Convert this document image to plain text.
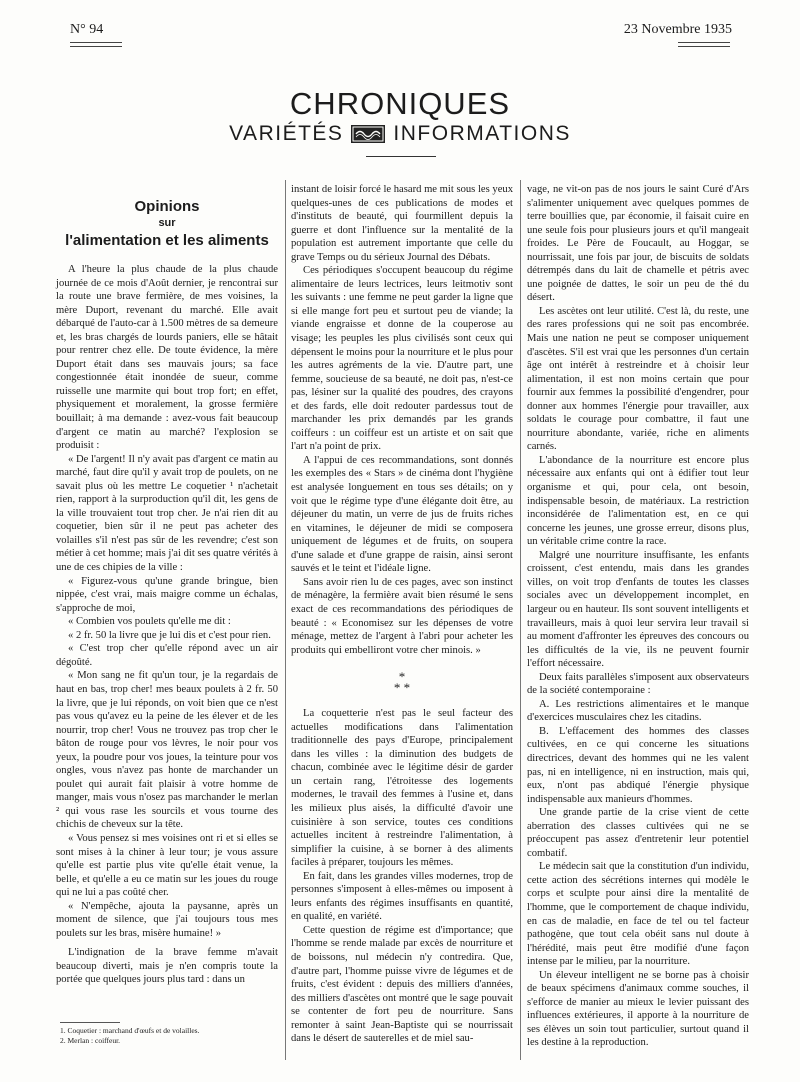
N° 94	23 Novembre 1935
CHRONIQUES
VARIÉTÉS INFORMATIONS
Opinions
sur
l'alimentation et les aliments

A l'heure la plus chaude de la plus chaude journée de ce mois d'Août dernier, je rencontrai sur la route une brave fermière, de mes voisines, la mère Duport, revenant du marché. Elle avait débarqué de l'auto-car à 1.500 mètres de sa demeure et, les bras chargés de lourds paniers, elle se hâtait pour rentrer chez elle. De toute évidence, la mère Duport était dans ses mauvais jours; sa face congestionnée était inondée de sueur, comme ruisselle une marmite qui bout trop fort; en effet, physiquement et moralement, la grosse fermière bouillait; à ma demande : avez-vous fait beaucoup d'argent ce matin au marché? l'explosion se produisit :

« De l'argent! Il n'y avait pas d'argent ce matin au marché, faut dire qu'il y avait trop de poulets, on ne savait plus où les mettre Le coquetier ¹ n'achetait rien, rapport à la surproduction qu'il dit, les gens de la ville trouvaient tout trop cher. Je n'ai rien dit au coquetier, bien sûr il ne peut pas acheter des volailles s'il n'est pas sûr de les revendre; c'est son métier à cet homme; mais j'ai dit ses quatre vérités à une de ces chipies de la ville :

« Figurez-vous qu'une grande bringue, bien nippée, c'est vrai, mais maigre comme un échalas, s'approche de moi,

« Combien vos poulets qu'elle me dit :

« 2 fr. 50 la livre que je lui dis et c'est pour rien.

« C'est trop cher qu'elle répond avec un air dégoûté.

« Mon sang ne fit qu'un tour, je la regardais de haut en bas, trop cher! mes beaux poulets à 2 fr. 50 la livre, que je lui réponds, on voit bien que ce n'est pas vous qu'avez eu la peine de les élever et de les nourrir, trop cher! Vous ne trouvez pas trop cher le bâton de rouge pour vos lèvres, le noir pour vos yeux, la poudre pour vos joues, la teinture pour vos ongles, vous n'avez pas honte de marchander un poulet qui aurait fait plaisir à votre homme de manger, mais vous n'osez pas marchander le merlan ² qui vous rase les sourcils et vous tourne des chichis de cheveux sur la tête.

« Vous pensez si mes voisines ont ri et si elles se sont mises à la chiner à leur tour; je vous assure qu'elle est partie plus vite qu'elle était venue, la belle, et qu'elle a eu ce matin sur les joues du rouge qui ne lui a pas coûté cher.

« N'empêche, ajouta la paysanne, après un moment de silence, que j'ai toujours tous mes poulets sur les bras, misère humaine! »

L'indignation de la brave femme m'avait beaucoup diverti, mais je n'en compris toute la portée que quelques jours plus tard : dans un

instant de loisir forcé le hasard me mit sous les yeux quelques-unes de ces publications de modes et d'instituts de beauté, qui fourmillent depuis la guerre et dont l'influence sur la mentalité de la population est autrement importante que celle du grave Temps ou du sérieux Journal des Débats.

Ces périodiques s'occupent beaucoup du régime alimentaire de leurs lectrices, leurs leitmotiv sont les suivants : une femme ne peut garder la ligne que si elle mange fort peu et surtout peu de viande; la viande engraisse et donne de la couperose au visage; les peuples les plus civilisés sont ceux qui dépensent le moins pour la nourriture et le plus pour les autres agréments de la vie. D'autre part, une femme, soucieuse de sa beauté, ne doit pas, n'est-ce pas, lésiner sur la qualité des poudres, des crayons et des fards, elle doit redouter pardessus tout de marchander les prix demandés par les grands coiffeurs : un coiffeur est un artiste et on sait que l'art n'a point de prix.

A l'appui de ces recommandations, sont donnés les exemples des « Stars » de cinéma dont l'hygiène est analysée longuement en tous ses détails; on y voit que le régime type d'une élégante doit être, au déjeuner du matin, un verre de jus de fruits riches en vitamines, le déjeuner de midi se composera uniquement de légumes et de fruits, on soupera d'une salade et d'une grappe de raisin, ainsi seront sauvés et le teint et l'idéale ligne.

Sans avoir rien lu de ces pages, avec son instinct de ménagère, la fermière avait bien résumé le sens exact de ces recommandations des périodiques de beauté : « Economisez sur les dépenses de votre ménage, mettez de l'argent à l'abri pour acheter les produits qui embelliront votre cher minois. »

*
* *

La coquetterie n'est pas le seul facteur des actuelles modifications dans l'alimentation traditionnelle des pays d'Europe, principalement dans les villes : la diminution des budgets de chacun, combinée avec le légitime désir de garder un certain rang, l'étroitesse des logements modernes, le travail des femmes à l'usine et, dans les milieux plus aisés, la difficulté d'avoir une cuisinière à son service, toutes ces conditions actuelles incitent à restreindre l'alimentation, à simplifier la cuisine, à se borner à des aliments faciles à préparer, toujours les mêmes.

En fait, dans les grandes villes modernes, trop de personnes s'imposent à elles-mêmes ou imposent à leurs enfants des régimes insuffisants en quantité, en qualité, en variété.

Cette question de régime est d'importance; que l'homme se rende malade par excès de nourriture et de boissons, nul médecin n'y contredira. Que, d'autre part, l'homme puisse vivre de légumes et de fruits, c'est évident : depuis des milliers d'années, des milliers d'ascètes ont montré que le sage pouvait se contenter de fort peu de nourriture. Sans remonter à saint Jean-Baptiste qui se nourrissait dans le désert de sauterelles et de miel sau-

vage, ne vit-on pas de nos jours le saint Curé d'Ars s'alimenter uniquement avec quelques pommes de terre bouillies que, par économie, il faisait cuire en une seule fois pour plusieurs jours et qu'il mangeait froides. Le Père de Foucault, au Hoggar, se nourrissait, une fois par jour, de biscuits de soldats détrempés dans du lait de chamelle et pétris avec une poignée de dattes, le soir un peu de thé du désert.

Les ascètes ont leur utilité. C'est là, du reste, une des rares professions qui ne soit pas encombrée. Mais une nation ne peut se composer uniquement d'ascètes. S'il est vrai que les personnes d'un certain âge ont intérêt à restreindre et à choisir leur alimentation, il est non moins certain que pour fournir aux femmes la possibilité d'engendrer, pour donner aux hommes l'énergie pour travailler, aux soldats le courage pour combattre, il faut une nourriture abondante, variée, riche en aliments carnés.

L'abondance de la nourriture est encore plus nécessaire aux enfants qui ont à édifier tout leur organisme et qui, pour cela, ont besoin, indispensable besoin, de matériaux. La restriction inconsidérée de l'alimentation est, en ce qui concerne les jeunes, une grosse erreur, disons plus, un véritable crime contre la race.

Malgré une nourriture insuffisante, les enfants croissent, c'est entendu, mais dans les grandes villes, on voit trop d'enfants de toutes les classes sociales avec un développement incomplet, en largeur ou en hauteur. Ils sont souvent intelligents et travailleurs, mais à quoi leur servira leur travail si au moment d'affronter les épreuves des concours ou les difficultés de la vie, ils ne peuvent fournir l'effort nécessaire.

Deux faits parallèles s'imposent aux observateurs de la société contemporaine :

A. Les restrictions alimentaires et le manque d'exercices musculaires chez les citadins.

B. L'effacement des hommes des classes cultivées, en ce qui concerne les situations directrices, devant des hommes qui ne les valent pas, ni en intelligence, ni en instruction, mais qui, eux, n'ont pas abdiqué l'énergie physique indispensable aux manieurs d'hommes.

Une grande partie de la crise vient de cette aberration des classes cultivées qui ne se préoccupent pas assez d'entretenir leur potentiel combatif.

Le médecin sait que la constitution d'un individu, cette action des sécrétions internes qui modèle le corps et sculpte pour ainsi dire la mentalité de l'homme, que le comportement de chaque individu, en cas de maladie, en face de tel ou tel facteur pathogène, que tout cela obéit sans nul doute à l'hérédité, mais peut être modifié d'une façon intense par le milieu, par la nourriture.

Un éleveur intelligent ne se borne pas à choisir de beaux spécimens d'animaux comme souches, il s'efforce de manier au mieux le levier puissant des influences extérieures, il apporte à la nourriture de ses élèves un soin tout particulier, surtout quand il les destine à la reproduction.

1. Coquetier : marchand d'œufs et de volailles.
2. Merlan : coiffeur.
